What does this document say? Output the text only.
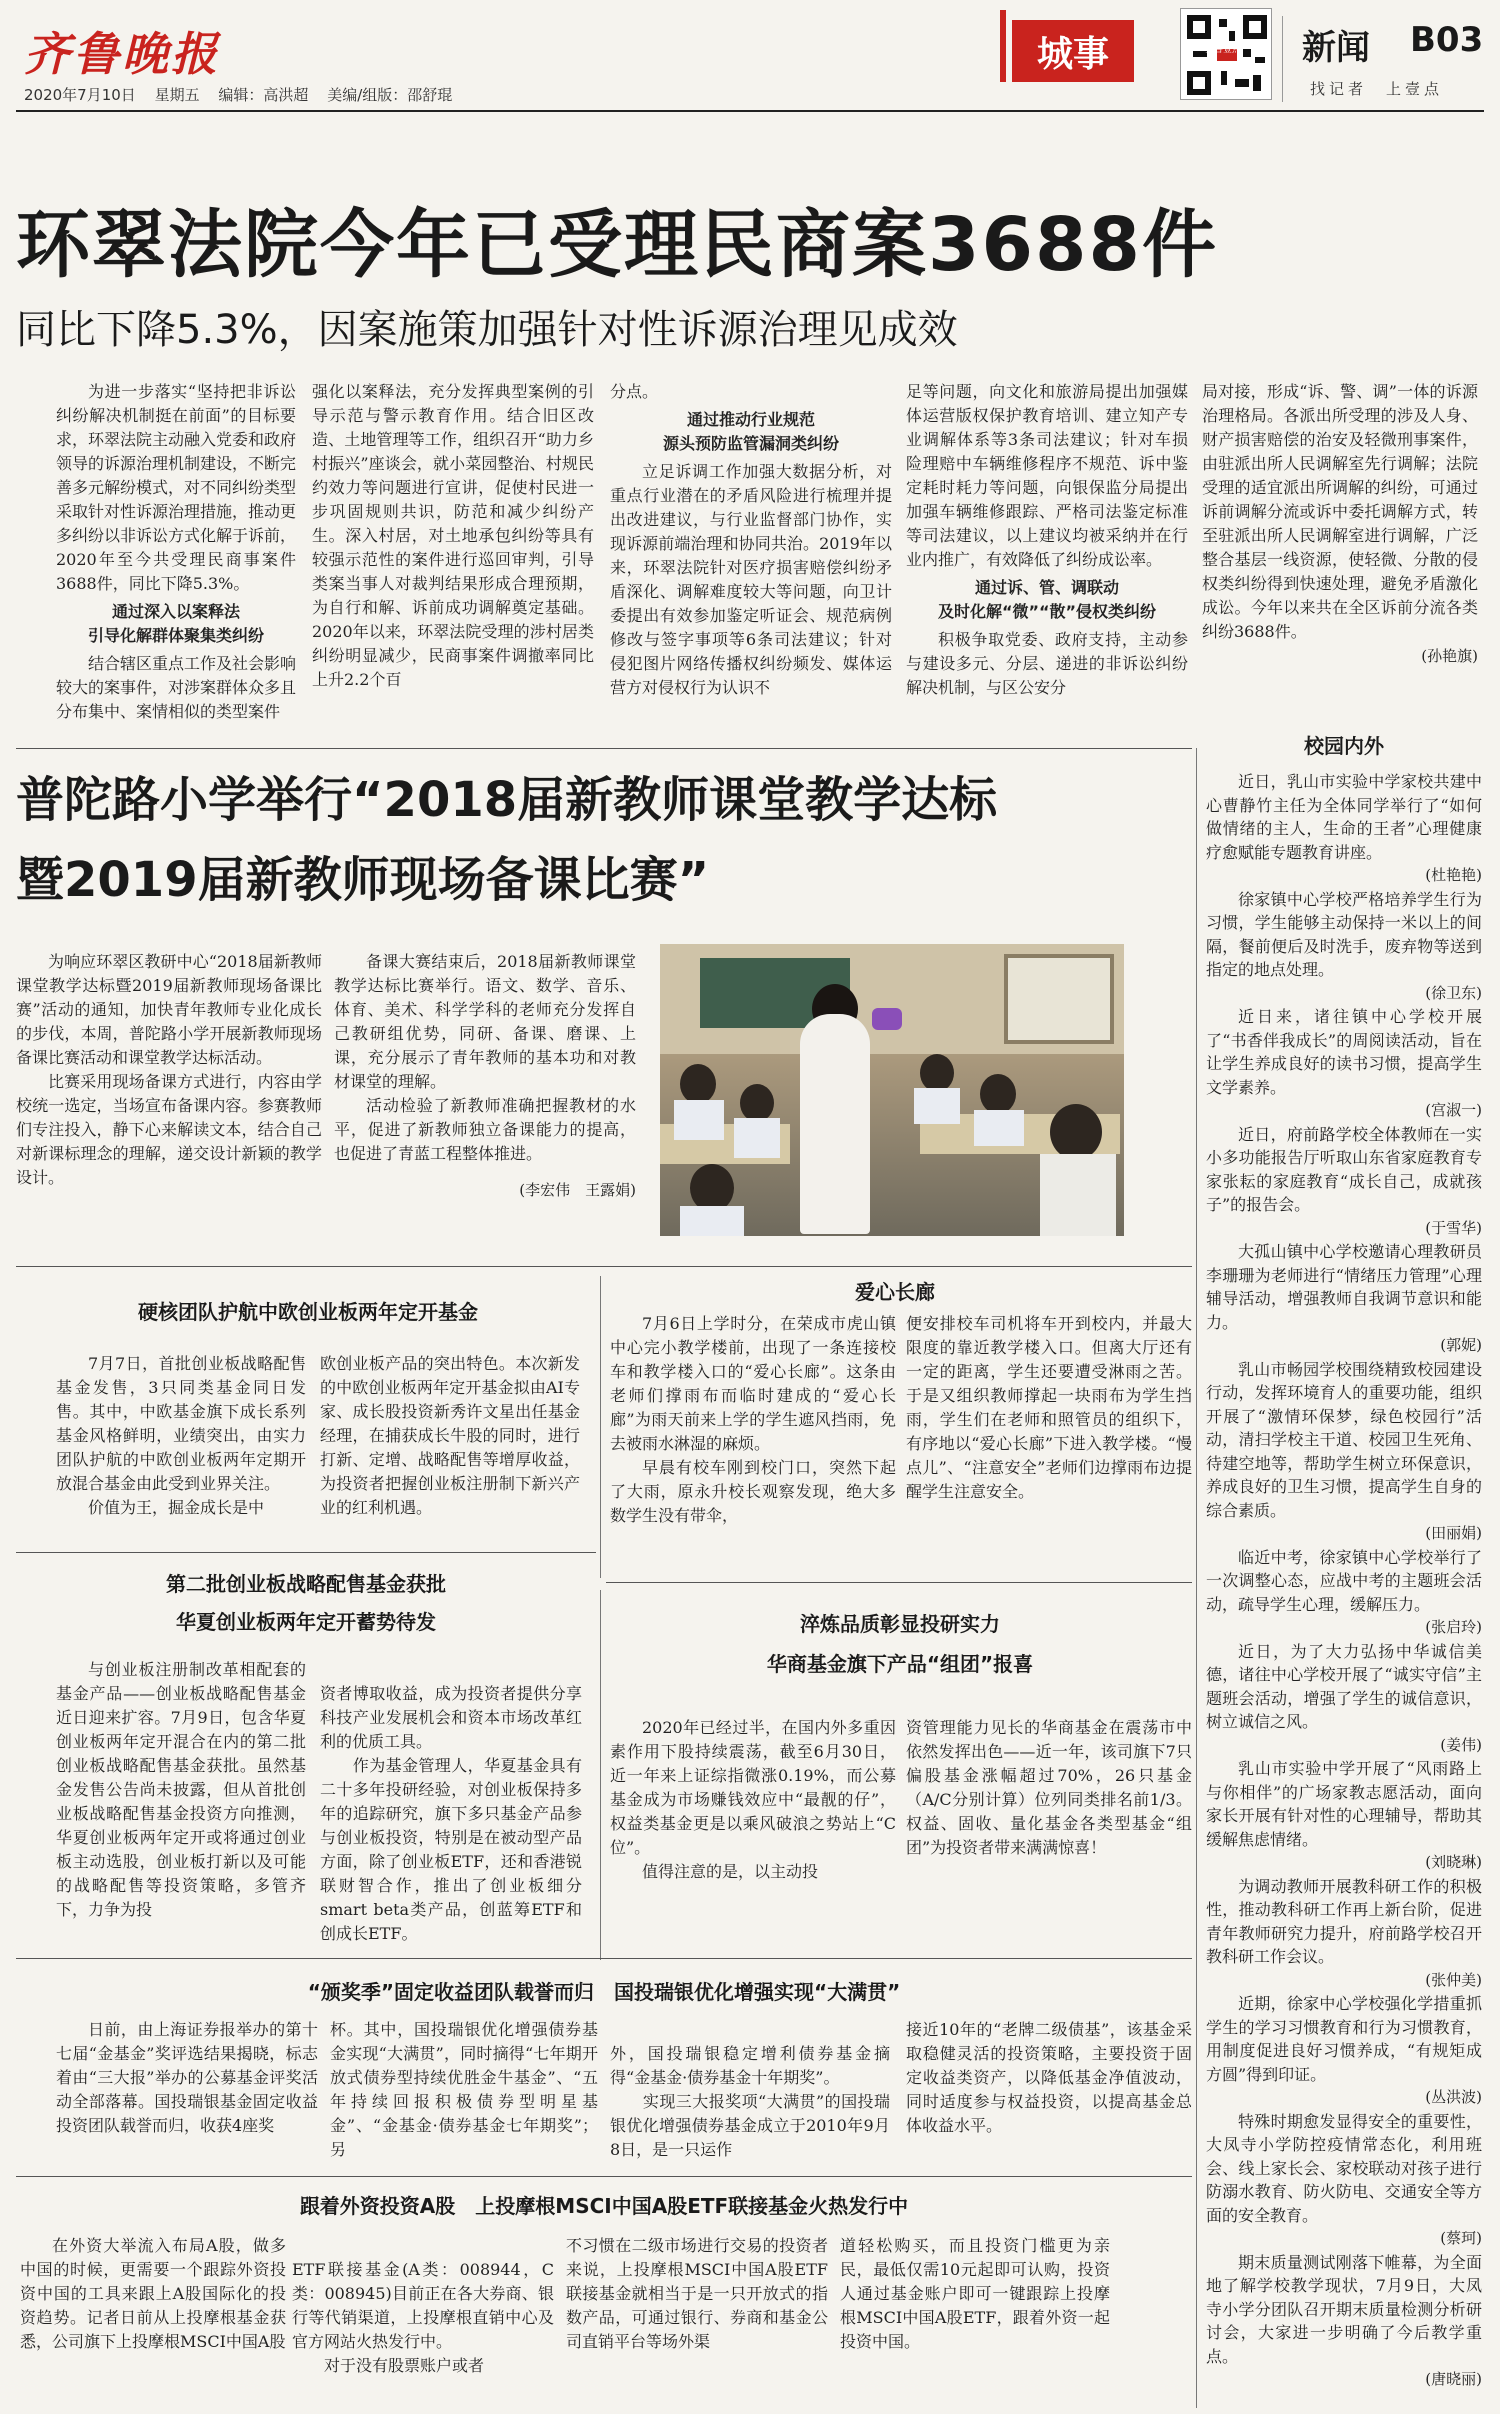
齐鲁晚报
2020年7月10日 星期五 编辑：高洪超 美编/组版：邵舒琨
城事	齐鲁壹点 新闻 B03
找记者　上壹点
环翠法院今年已受理民商案3688件
同比下降5.3%，因案施策加强针对性诉源治理见成效

为进一步落实“坚持把非诉讼纠纷解决机制挺在前面”的目标要求，环翠法院主动融入党委和政府领导的诉源治理机制建设，不断完善多元解纷模式，对不同纠纷类型采取针对性诉源治理措施，推动更多纠纷以非诉讼方式化解于诉前，2020年至今共受理民商事案件3688件，同比下降5.3%。

通过深入以案释法
引导化解群体聚集类纠纷

结合辖区重点工作及社会影响较大的案事件，对涉案群体众多且分布集中、案情相似的类型案件

强化以案释法，充分发挥典型案例的引导示范与警示教育作用。结合旧区改造、土地管理等工作，组织召开“助力乡村振兴”座谈会，就小菜园整治、村规民约效力等问题进行宣讲，促使村民进一步巩固规则共识，防范和减少纠纷产生。深入村居，对土地承包纠纷等具有较强示范性的案件进行巡回审判，引导类案当事人对裁判结果形成合理预期，为自行和解、诉前成功调解奠定基础。2020年以来，环翠法院受理的涉村居类纠纷明显减少，民商事案件调撤率同比上升2.2个百

分点。

通过推动行业规范
源头预防监管漏洞类纠纷

立足诉调工作加强大数据分析，对重点行业潜在的矛盾风险进行梳理并提出改进建议，与行业监督部门协作，实现诉源前端治理和协同共治。2019年以来，环翠法院针对医疗损害赔偿纠纷矛盾深化、调解难度较大等问题，向卫计委提出有效参加鉴定听证会、规范病例修改与签字事项等6条司法建议；针对侵犯图片网络传播权纠纷频发、媒体运营方对侵权行为认识不

足等问题，向文化和旅游局提出加强媒体运营版权保护教育培训、建立知产专业调解体系等3条司法建议；针对车损险理赔中车辆维修程序不规范、诉中鉴定耗时耗力等问题，向银保监分局提出加强车辆维修跟踪、严格司法鉴定标准等司法建议，以上建议均被采纳并在行业内推广，有效降低了纠纷成讼率。

通过诉、管、调联动
及时化解“微”“散”侵权类纠纷

积极争取党委、政府支持，主动参与建设多元、分层、递进的非诉讼纠纷解决机制，与区公安分

局对接，形成“诉、警、调”一体的诉源治理格局。各派出所受理的涉及人身、财产损害赔偿的治安及轻微刑事案件，由驻派出所人民调解室先行调解；法院受理的适宜派出所调解的纠纷，可通过诉前调解分流或诉中委托调解方式，转至驻派出所人民调解室进行调解，广泛整合基层一线资源，使轻微、分散的侵权类纠纷得到快速处理，避免矛盾激化成讼。今年以来共在全区诉前分流各类纠纷3688件。

(孙艳旗)
普陀路小学举行“2018届新教师课堂教学达标
暨2019届新教师现场备课比赛”

为响应环翠区教研中心“2018届新教师课堂教学达标暨2019届新教师现场备课比赛”活动的通知，加快青年教师专业化成长的步伐，本周，普陀路小学开展新教师现场备课比赛活动和课堂教学达标活动。

比赛采用现场备课方式进行，内容由学校统一选定，当场宣布备课内容。参赛教师们专注投入，静下心来解读文本，结合自己对新课标理念的理解，递交设计新颖的教学设计。

备课大赛结束后，2018届新教师课堂教学达标比赛举行。语文、数学、音乐、体育、美术、科学学科的老师充分发挥自己教研组优势，同研、备课、磨课、上课，充分展示了青年教师的基本功和对教材课堂的理解。

活动检验了新教师准确把握教材的水平，促进了新教师独立备课能力的提高，也促进了青蓝工程整体推进。

(李宏伟　王露娟)
硬核团队护航中欧创业板两年定开基金

7月7日，首批创业板战略配售基金发售，3只同类基金同日发售。其中，中欧基金旗下成长系列基金风格鲜明，业绩突出，由实力团队护航的中欧创业板两年定期开放混合基金由此受到业界关注。

价值为王，掘金成长是中

欧创业板产品的突出特色。本次新发的中欧创业板两年定开基金拟由AI专家、成长股投资新秀许文星出任基金经理，在捕获成长牛股的同时，进行打新、定增、战略配售等增厚收益，为投资者把握创业板注册制下新兴产业的红利机遇。

爱心长廊

7月6日上学时分，在荣成市虎山镇中心完小教学楼前，出现了一条连接校车和教学楼入口的“爱心长廊”。这条由老师们撑雨布而临时建成的“爱心长廊”为雨天前来上学的学生遮风挡雨，免去被雨水淋湿的麻烦。

早晨有校车刚到校门口，突然下起了大雨，原永升校长观察发现，绝大多数学生没有带伞，

便安排校车司机将车开到校内，并最大限度的靠近教学楼入口。但离大厅还有一定的距离，学生还要遭受淋雨之苦。于是又组织教师撑起一块雨布为学生挡雨，学生们在老师和照管员的组织下，有序地以“爱心长廊”下进入教学楼。“慢点儿”、“注意安全”老师们边撑雨布边提醒学生注意安全。

第二批创业板战略配售基金获批
华夏创业板两年定开蓄势待发

与创业板注册制改革相配套的基金产品——创业板战略配售基金近日迎来扩容。7月9日，包含华夏创业板两年定开混合在内的第二批创业板战略配售基金获批。虽然基金发售公告尚未披露，但从首批创业板战略配售基金投资方向推测，华夏创业板两年定开或将通过创业板主动选股，创业板打新以及可能的战略配售等投资策略，多管齐下，力争为投

资者博取收益，成为投资者提供分享科技产业发展机会和资本市场改革红利的优质工具。
　　作为基金管理人，华夏基金具有二十多年投研经验，对创业板保持多年的追踪研究，旗下多只基金产品参与创业板投资，特别是在被动型产品方面，除了创业板ETF，还和香港锐联财智合作，推出了创业板细分smart beta类产品，创蓝筹ETF和创成长ETF。

淬炼品质彰显投研实力
华商基金旗下产品“组团”报喜

2020年已经过半，在国内外多重因素作用下股持续震荡，截至6月30日，近一年来上证综指微涨0.19%，而公募基金成为市场赚钱效应中“最靓的仔”，权益类基金更是以乘风破浪之势站上“C位”。

值得注意的是，以主动投

资管理能力见长的华商基金在震荡市中依然发挥出色——近一年，该司旗下7只偏股基金涨幅超过70%，26只基金（A/C分别计算）位列同类排名前1/3。权益、固收、量化基金各类型基金“组团”为投资者带来满满惊喜！

“颁奖季”固定收益团队载誉而归　 国投瑞银优化增强实现“大满贯”

日前，由上海证券报举办的第十七届“金基金”奖评选结果揭晓，标志着由“三大报”举办的公募基金评奖活动全部落幕。国投瑞银基金固定收益投资团队载誉而归，收获4座奖

杯。其中，国投瑞银优化增强债券基金实现“大满贯”，同时摘得“七年期开放式债券型持续优胜金牛基金”、“五年持续回报积极债券型明星基金”、“金基金·债券基金七年期奖”；另

外，国投瑞银稳定增利债券基金摘得“金基金·债券基金十年期奖”。
　　实现三大报奖项“大满贯”的国投瑞银优化增强债券基金成立于2010年9月8日，是一只运作

接近10年的“老牌二级债基”，该基金采取稳健灵活的投资策略，主要投资于固定收益类资产，以降低基金净值波动，同时适度参与权益投资，以提高基金总体收益水平。

跟着外资投资A股　上投摩根MSCI中国A股ETF联接基金火热发行中

在外资大举流入布局A股，做多中国的时候，更需要一个跟踪外资投资中国的工具来跟上A股国际化的投资趋势。记者日前从上投摩根基金获悉，公司旗下上投摩根MSCI中国A股

ETF联接基金(A类：008944，C类：008945)目前正在各大券商、银行等代销渠道，上投摩根直销中心及官方网站火热发行中。
　　对于没有股票账户或者

不习惯在二级市场进行交易的投资者来说，上投摩根MSCI中国A股ETF联接基金就相当于是一只开放式的指数产品，可通过银行、券商和基金公司直销平台等场外渠

道轻松购买，而且投资门槛更为亲民，最低仅需10元起即可认购，投资人通过基金账户即可一键跟踪上投摩根MSCI中国A股ETF，跟着外资一起投资中国。

校园内外

近日，乳山市实验中学家校共建中心曹静竹主任为全体同学举行了“如何做情绪的主人，生命的王者”心理健康疗愈赋能专题教育讲座。

(杜艳艳)

徐家镇中心学校严格培养学生行为习惯，学生能够主动保持一米以上的间隔，餐前便后及时洗手，废弃物等送到指定的地点处理。

(徐卫东)

近日来，诸往镇中心学校开展了“书香伴我成长”的周阅读活动，旨在让学生养成良好的读书习惯，提高学生文学素养。

(宫淑一)

近日，府前路学校全体教师在一实小多功能报告厅听取山东省家庭教育专家张耘的家庭教育“成长自己，成就孩子”的报告会。

(于雪华)

大孤山镇中心学校邀请心理教研员李珊珊为老师进行“情绪压力管理”心理辅导活动，增强教师自我调节意识和能力。

(郭妮)

乳山市畅园学校围绕精致校园建设行动，发挥环境育人的重要功能，组织开展了“激情环保梦，绿色校园行”活动，清扫学校主干道、校园卫生死角、待建空地等，帮助学生树立环保意识，养成良好的卫生习惯，提高学生自身的综合素质。

(田丽娟)

临近中考，徐家镇中心学校举行了一次调整心态，应战中考的主题班会活动，疏导学生心理，缓解压力。

(张启玲)

近日，为了大力弘扬中华诚信美德，诸往中心学校开展了“诚实守信”主题班会活动，增强了学生的诚信意识，树立诚信之风。

(姜伟)

乳山市实验中学开展了“风雨路上　与你相伴”的广场家教志愿活动，面向家长开展有针对性的心理辅导，帮助其缓解焦虑情绪。

(刘晓琳)

为调动教师开展教科研工作的积极性，推动教科研工作再上新台阶，促进青年教师研究力提升，府前路学校召开教科研工作会议。

(张仲美)

近期，徐家中心学校强化学措重抓学生的学习习惯教育和行为习惯教育，用制度促进良好习惯养成，“有规矩成方圆”得到印证。

(丛洪波)

特殊时期愈发显得安全的重要性，大凤寺小学防控疫情常态化，利用班会、线上家长会、家校联动对孩子进行防溺水教育、防火防电、交通安全等方面的安全教育。

(蔡珂)

期末质量测试刚落下帷幕，为全面地了解学校教学现状，7月9日，大凤寺小学分团队召开期末质量检测分析研讨会，大家进一步明确了今后教学重点。

(唐晓丽)
